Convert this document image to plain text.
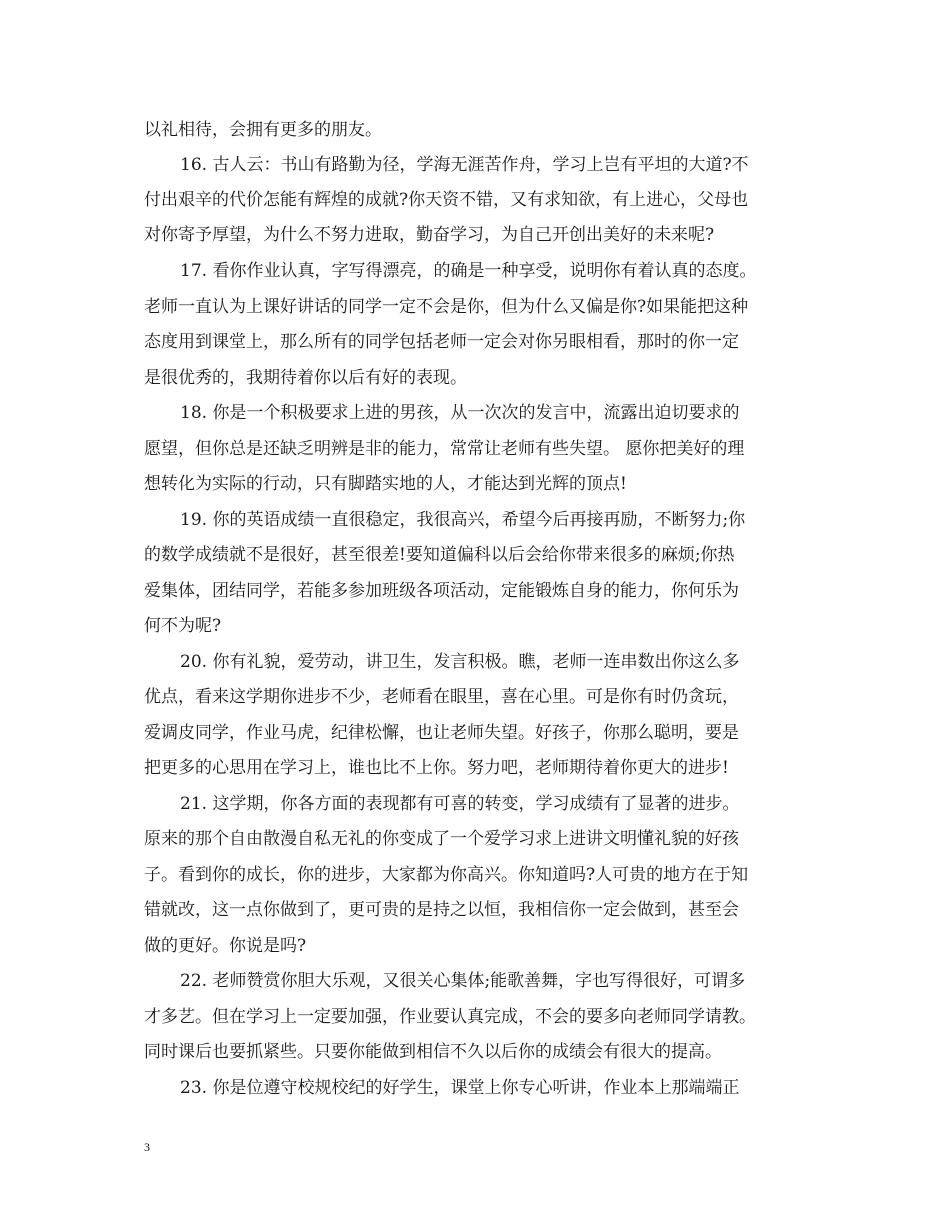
以礼相待，会拥有更多的朋友。
16. 古人云：书山有路勤为径，学海无涯苦作舟，学习上岂有平坦的大道?不
付出艰辛的代价怎能有辉煌的成就?你天资不错，又有求知欲，有上进心，父母也
对你寄予厚望，为什么不努力进取，勤奋学习，为自己开创出美好的未来呢?
17. 看你作业认真，字写得漂亮，的确是一种享受，说明你有着认真的态度。
老师一直认为上课好讲话的同学一定不会是你，但为什么又偏是你?如果能把这种
态度用到课堂上，那么所有的同学包括老师一定会对你另眼相看，那时的你一定
是很优秀的，我期待着你以后有好的表现。
18. 你是一个积极要求上进的男孩，从一次次的发言中，流露出迫切要求的
愿望，但你总是还缺乏明辨是非的能力，常常让老师有些失望。 愿你把美好的理
想转化为实际的行动，只有脚踏实地的人，才能达到光辉的顶点!
19. 你的英语成绩一直很稳定，我很高兴，希望今后再接再励，不断努力;你
的数学成绩就不是很好，甚至很差!要知道偏科以后会给你带来很多的麻烦;你热
爱集体，团结同学，若能多参加班级各项活动，定能锻炼自身的能力，你何乐为
何不为呢?
20. 你有礼貌，爱劳动，讲卫生，发言积极。瞧，老师一连串数出你这么多
优点，看来这学期你进步不少，老师看在眼里，喜在心里。可是你有时仍贪玩，
爱调皮同学，作业马虎，纪律松懈，也让老师失望。好孩子，你那么聪明，要是
把更多的心思用在学习上，谁也比不上你。努力吧，老师期待着你更大的进步!
21. 这学期，你各方面的表现都有可喜的转变，学习成绩有了显著的进步。
原来的那个自由散漫自私无礼的你变成了一个爱学习求上进讲文明懂礼貌的好孩
子。看到你的成长，你的进步，大家都为你高兴。你知道吗?人可贵的地方在于知
错就改，这一点你做到了，更可贵的是持之以恒，我相信你一定会做到，甚至会
做的更好。你说是吗?
22. 老师赞赏你胆大乐观，又很关心集体;能歌善舞，字也写得很好，可谓多
才多艺。但在学习上一定要加强，作业要认真完成，不会的要多向老师同学请教。
同时课后也要抓紧些。只要你能做到相信不久以后你的成绩会有很大的提高。
23. 你是位遵守校规校纪的好学生，课堂上你专心听讲，作业本上那端端正
3
